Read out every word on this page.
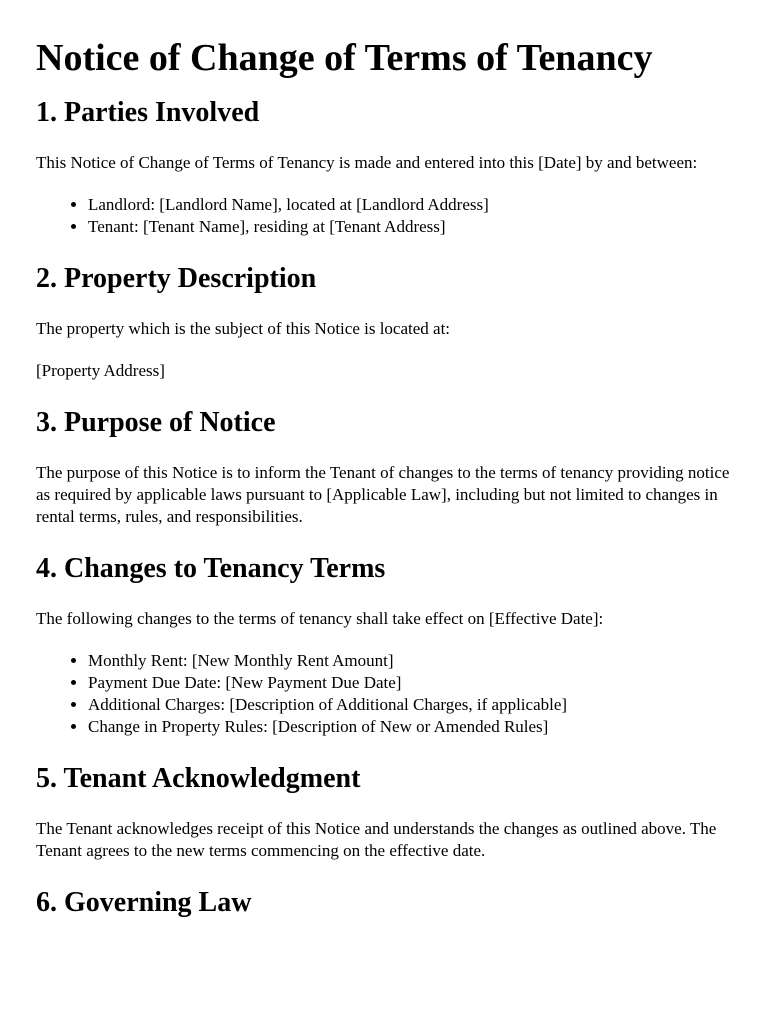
Notice of Change of Terms of Tenancy
1. Parties Involved

This Notice of Change of Terms of Tenancy is made and entered into this [Date] by and between:

• Landlord: [Landlord Name], located at [Landlord Address]
• Tenant: [Tenant Name], residing at [Tenant Address]
2. Property Description

The property which is the subject of this Notice is located at:

[Property Address]

3. Purpose of Notice

The purpose of this Notice is to inform the Tenant of changes to the terms of tenancy providing notice as required by applicable laws pursuant to [Applicable Law], including but not limited to changes in rental terms, rules, and responsibilities.

4. Changes to Tenancy Terms

The following changes to the terms of tenancy shall take effect on [Effective Date]:

• Monthly Rent: [New Monthly Rent Amount]
• Payment Due Date: [New Payment Due Date]
• Additional Charges: [Description of Additional Charges, if applicable]
• Change in Property Rules: [Description of New or Amended Rules]
5. Tenant Acknowledgment

The Tenant acknowledges receipt of this Notice and understands the changes as outlined above. The Tenant agrees to the new terms commencing on the effective date.

6. Governing Law
